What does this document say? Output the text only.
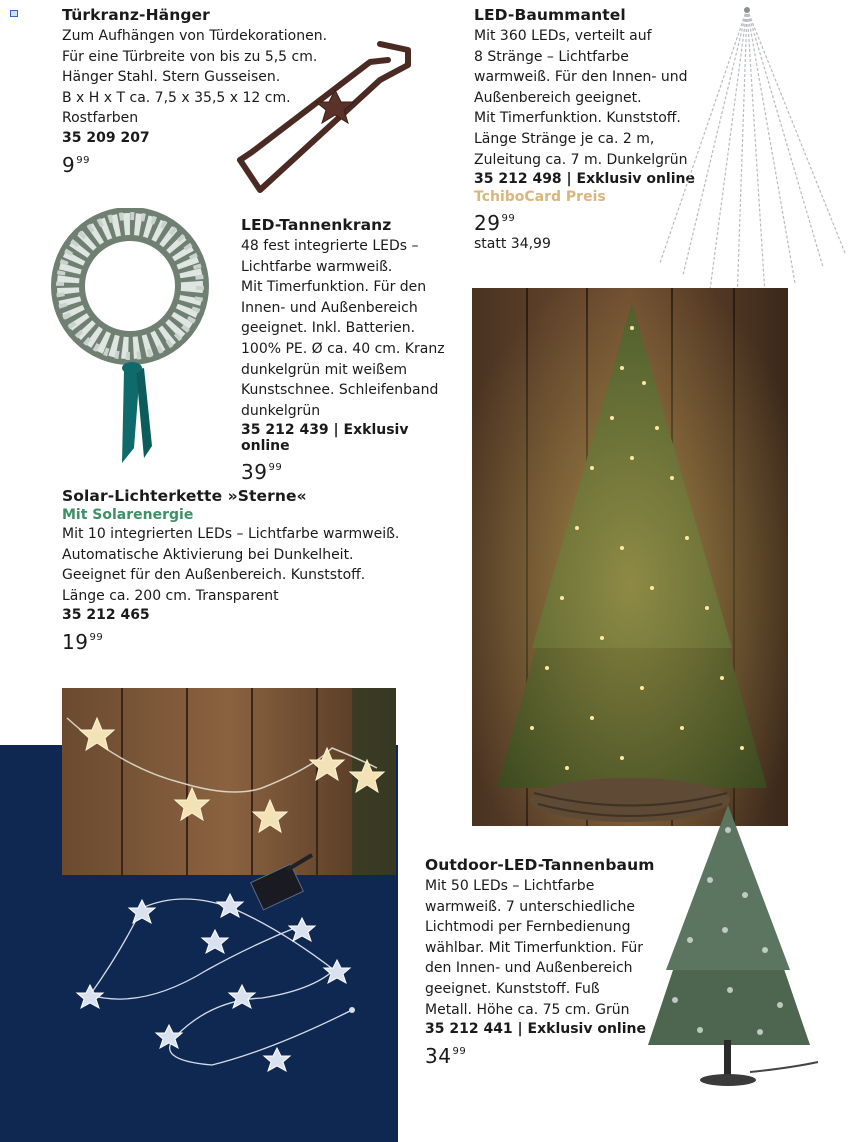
Türkranz-Hänger
Zum Aufhängen von Türdekorationen.
Für eine Türbreite von bis zu 5,5 cm.
Hänger Stahl. Stern Gusseisen.
B x H x T ca. 7,5 x 35,5 x 12 cm.
Rostfarben
35 209 207
$9^{99}$
LED-Baummantel
Mit 360 LEDs, verteilt auf
8 Stränge – Lichtfarbe
warmweiß. Für den Innen- und
Außenbereich geeignet.
Mit Timerfunktion. Kunststoff.
Länge Stränge je ca. 2 m,
Zuleitung ca. 7 m. Dunkelgrün
35 212 498 | Exklusiv online
TchiboCard Preis
$29^{99}$
statt 34,99
LED-Tannenkranz
48 fest integrierte LEDs –
Lichtfarbe warmweiß.
Mit Timerfunktion. Für den
Innen- und Außenbereich
geeignet. Inkl. Batterien.
100% PE. Ø ca. 40 cm. Kranz
dunkelgrün mit weißem
Kunstschnee. Schleifenband
dunkelgrün
35 212 439 | Exklusiv online
$39^{99}$
Solar-Lichterkette »Sterne«
Mit Solarenergie
Mit 10 integrierten LEDs – Lichtfarbe warmweiß.
Automatische Aktivierung bei Dunkelheit.
Geeignet für den Außenbereich. Kunststoff.
Länge ca. 200 cm. Transparent
35 212 465
$19^{99}$
Outdoor-LED-Tannenbaum
Mit 50 LEDs – Lichtfarbe
warmweiß. 7 unterschiedliche
Lichtmodi per Fernbedienung
wählbar. Mit Timerfunktion. Für
den Innen- und Außenbereich
geeignet. Kunststoff. Fuß
Metall. Höhe ca. 75 cm. Grün
35 212 441 | Exklusiv online
$34^{99}$
